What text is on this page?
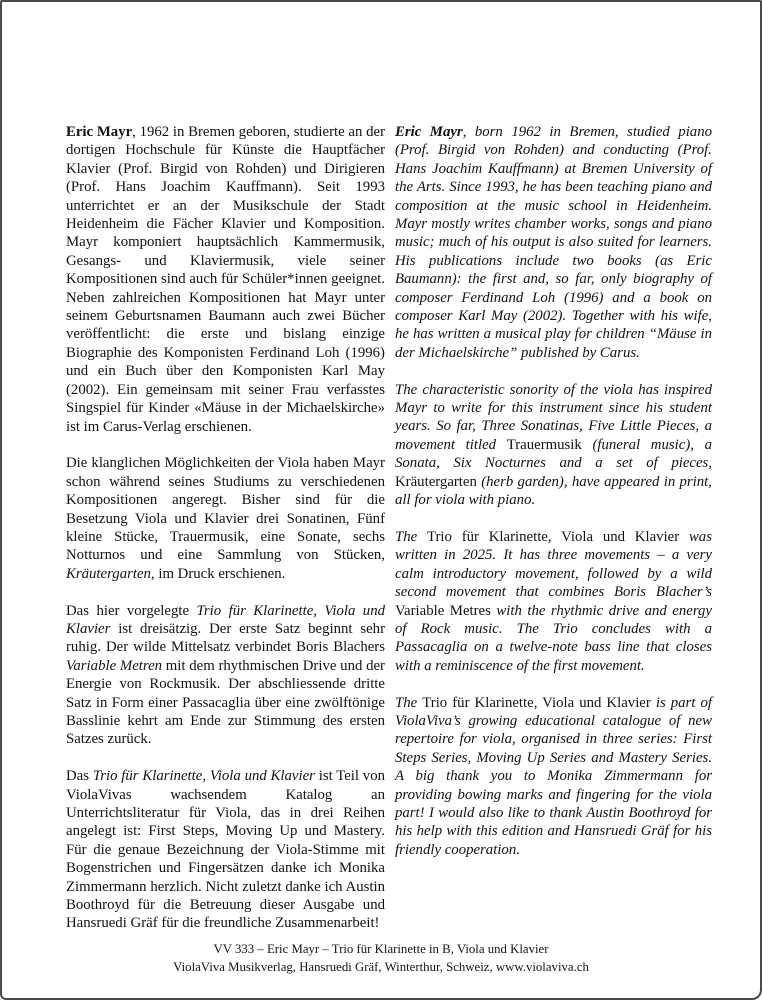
Eric Mayr, 1962 in Bremen geboren, studierte an der dortigen Hochschule für Künste die Hauptfächer Klavier (Prof. Birgid von Rohden) und Dirigieren (Prof. Hans Joachim Kauffmann). Seit 1993 unterrichtet er an der Musikschule der Stadt Heidenheim die Fächer Klavier und Komposition. Mayr komponiert hauptsächlich Kammermusik, Gesangs- und Klaviermusik, viele seiner Kompositionen sind auch für Schüler*innen geeignet. Neben zahlreichen Kompositionen hat Mayr unter seinem Geburtsnamen Baumann auch zwei Bücher veröffentlicht: die erste und bislang einzige Biographie des Komponisten Ferdinand Loh (1996) und ein Buch über den Komponisten Karl May (2002). Ein gemeinsam mit seiner Frau verfasstes Singspiel für Kinder «Mäuse in der Michaelskirche» ist im Carus-Verlag erschienen.

Die klanglichen Möglichkeiten der Viola haben Mayr schon während seines Studiums zu verschiedenen Kompositionen angeregt. Bisher sind für die Besetzung Viola und Klavier drei Sonatinen, Fünf kleine Stücke, Trauermusik, eine Sonate, sechs Notturnos und eine Sammlung von Stücken, Kräutergarten, im Druck erschienen.

Das hier vorgelegte Trio für Klarinette, Viola und Klavier ist dreisätzig. Der erste Satz beginnt sehr ruhig. Der wilde Mittelsatz verbindet Boris Blachers Variable Metren mit dem rhythmischen Drive und der Energie von Rockmusik. Der abschliessende dritte Satz in Form einer Passacaglia über eine zwölftönige Basslinie kehrt am Ende zur Stimmung des ersten Satzes zurück.

Das Trio für Klarinette, Viola und Klavier ist Teil von ViolaVivas wachsendem Katalog an Unterrichtsliteratur für Viola, das in drei Reihen angelegt ist: First Steps, Moving Up und Mastery. Für die genaue Bezeichnung der Viola-Stimme mit Bogenstrichen und Fingersätzen danke ich Monika Zimmermann herzlich. Nicht zuletzt danke ich Austin Boothroyd für die Betreuung dieser Ausgabe und Hansruedi Gräf für die freundliche Zusammenarbeit!

Eric Mayr, born 1962 in Bremen, studied piano (Prof. Birgid von Rohden) and conducting (Prof. Hans Joachim Kauffmann) at Bremen University of the Arts. Since 1993, he has been teaching piano and composition at the music school in Heidenheim. Mayr mostly writes chamber works, songs and piano music; much of his output is also suited for learners. His publications include two books (as Eric Baumann): the first and, so far, only biography of composer Ferdinand Loh (1996) and a book on composer Karl May (2002). Together with his wife, he has written a musical play for children “Mäuse in der Michaelskirche” published by Carus.

The characteristic sonority of the viola has inspired Mayr to write for this instrument since his student years. So far, Three Sonatinas, Five Little Pieces, a movement titled Trauermusik (funeral music), a Sonata, Six Nocturnes and a set of pieces, Kräutergarten (herb garden), have appeared in print, all for viola with piano.

The Trio für Klarinette, Viola und Klavier was written in 2025. It has three movements – a very calm introductory movement, followed by a wild second movement that combines Boris Blacher’s Variable Metres with the rhythmic drive and energy of Rock music. The Trio concludes with a Passacaglia on a twelve-note bass line that closes with a reminiscence of the first movement.

The Trio für Klarinette, Viola und Klavier is part of ViolaViva’s growing educational catalogue of new repertoire for viola, organised in three series: First Steps Series, Moving Up Series and Mastery Series. A big thank you to Monika Zimmermann for providing bowing marks and fingering for the viola part! I would also like to thank Austin Boothroyd for his help with this edition and Hansruedi Gräf for his friendly cooperation.

VV 333 – Eric Mayr – Trio für Klarinette in B, Viola und Klavier
ViolaViva Musikverlag, Hansruedi Gräf, Winterthur, Schweiz, www.violaviva.ch
